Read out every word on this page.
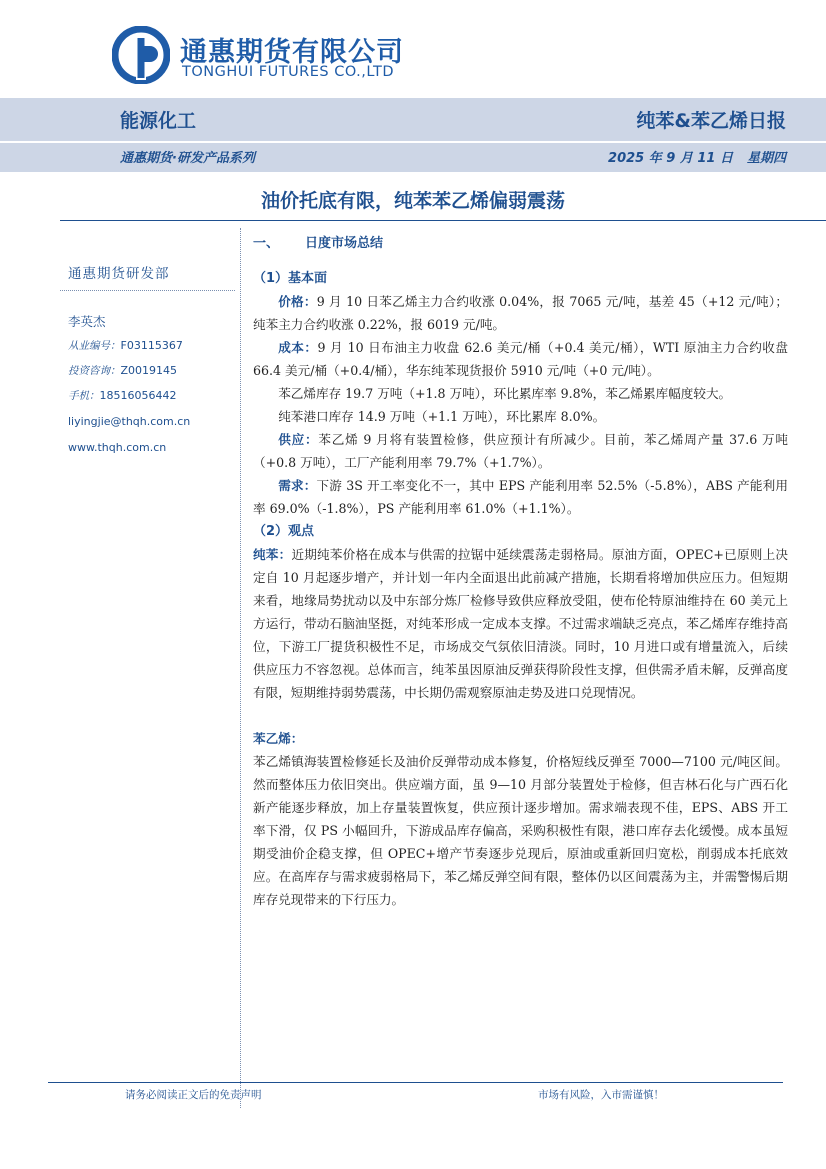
通惠期货有限公司
TONGHUI FUTURES CO.,LTD
能源化工	纯苯&苯乙烯日报
通惠期货·研发产品系列	2025 年 9 月 11 日 星期四
油价托底有限，纯苯苯乙烯偏弱震荡
通惠期货研发部
李英杰
从业编号：F03115367
投资咨询：Z0019145
手机：18516056442
liyingjie@thqh.com.cn
www.thqh.com.cn

一、 日度市场总结

（1）基本面

价格：9 月 10 日苯乙烯主力合约收涨 0.04%，报 7065 元/吨，基差 45（+12 元/吨）；纯苯主力合约收涨 0.22%，报 6019 元/吨。

成本：9 月 10 日布油主力收盘 62.6 美元/桶（+0.4 美元/桶），WTI 原油主力合约收盘 66.4 美元/桶（+0.4/桶），华东纯苯现货报价 5910 元/吨（+0 元/吨）。

苯乙烯库存 19.7 万吨（+1.8 万吨），环比累库率 9.8%，苯乙烯累库幅度较大。

纯苯港口库存 14.9 万吨（+1.1 万吨），环比累库 8.0%。

供应：苯乙烯 9 月将有装置检修，供应预计有所减少。目前，苯乙烯周产量 37.6 万吨（+0.8 万吨），工厂产能利用率 79.7%（+1.7%）。

需求：下游 3S 开工率变化不一，其中 EPS 产能利用率 52.5%（-5.8%），ABS 产能利用率 69.0%（-1.8%），PS 产能利用率 61.0%（+1.1%）。

（2）观点

纯苯：近期纯苯价格在成本与供需的拉锯中延续震荡走弱格局。原油方面，OPEC+已原则上决定自 10 月起逐步增产，并计划一年内全面退出此前减产措施，长期看将增加供应压力。但短期来看，地缘局势扰动以及中东部分炼厂检修导致供应释放受阻，使布伦特原油维持在 60 美元上方运行，带动石脑油坚挺，对纯苯形成一定成本支撑。不过需求端缺乏亮点，苯乙烯库存维持高位，下游工厂提货积极性不足，市场成交气氛依旧清淡。同时，10 月进口或有增量流入，后续供应压力不容忽视。总体而言，纯苯虽因原油反弹获得阶段性支撑，但供需矛盾未解，反弹高度有限，短期维持弱势震荡，中长期仍需观察原油走势及进口兑现情况。

苯乙烯：

苯乙烯镇海装置检修延长及油价反弹带动成本修复，价格短线反弹至 7000—7100 元/吨区间。然而整体压力依旧突出。供应端方面，虽 9—10 月部分装置处于检修，但吉林石化与广西石化新产能逐步释放，加上存量装置恢复，供应预计逐步增加。需求端表现不佳，EPS、ABS 开工率下滑，仅 PS 小幅回升，下游成品库存偏高，采购积极性有限，港口库存去化缓慢。成本虽短期受油价企稳支撑，但 OPEC+增产节奏逐步兑现后，原油或重新回归宽松，削弱成本托底效应。在高库存与需求疲弱格局下，苯乙烯反弹空间有限，整体仍以区间震荡为主，并需警惕后期库存兑现带来的下行压力。

请务必阅读正文后的免责声明	市场有风险，入市需谨慎！
